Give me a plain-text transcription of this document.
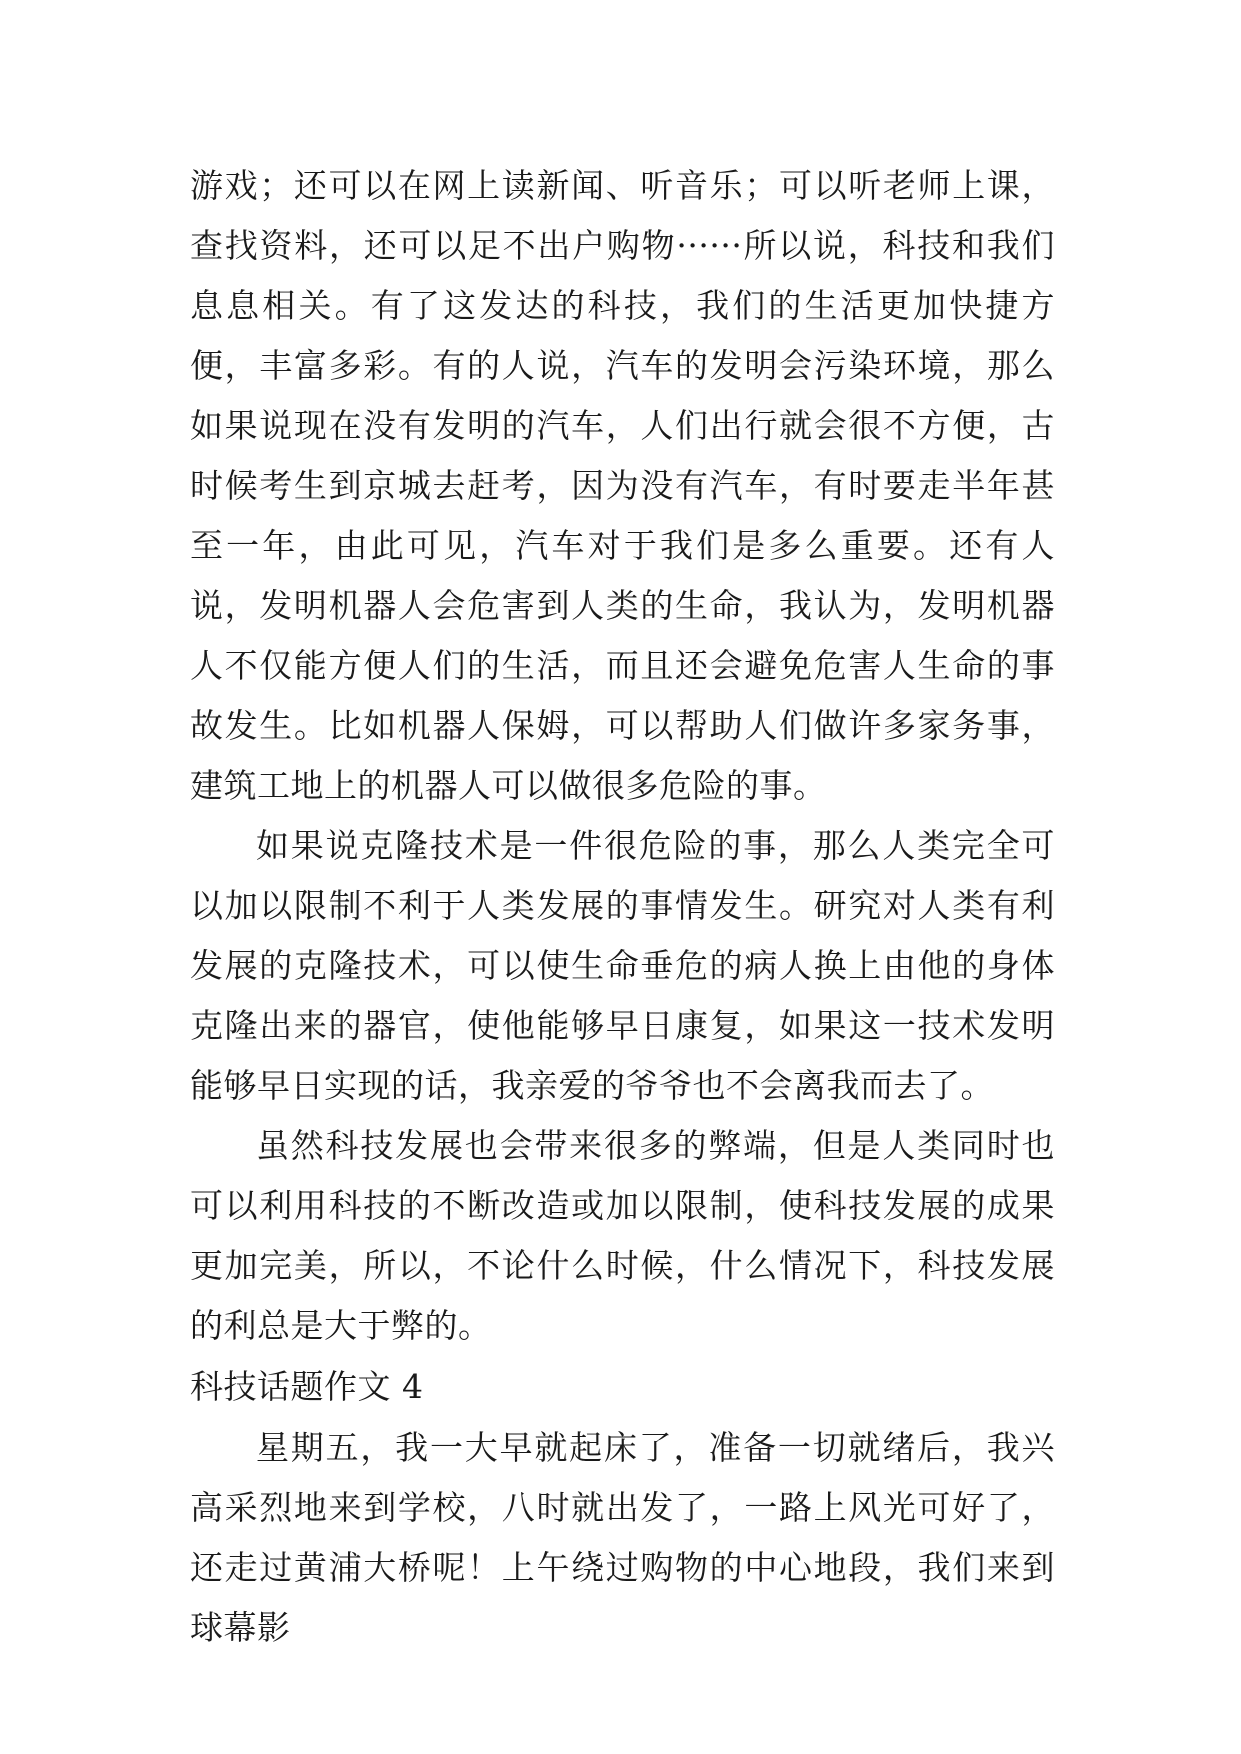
游戏；还可以在网上读新闻、听音乐；可以听老师上课，查找资料，还可以足不出户购物······所以说，科技和我们息息相关。有了这发达的科技，我们的生活更加快捷方便，丰富多彩。有的人说，汽车的发明会污染环境，那么如果说现在没有发明的汽车，人们出行就会很不方便，古时候考生到京城去赶考，因为没有汽车，有时要走半年甚至一年，由此可见，汽车对于我们是多么重要。还有人说，发明机器人会危害到人类的生命，我认为，发明机器人不仅能方便人们的生活，而且还会避免危害人生命的事故发生。比如机器人保姆，可以帮助人们做许多家务事，建筑工地上的机器人可以做很多危险的事。

如果说克隆技术是一件很危险的事，那么人类完全可以加以限制不利于人类发展的事情发生。研究对人类有利发展的克隆技术，可以使生命垂危的病人换上由他的身体克隆出来的器官，使他能够早日康复，如果这一技术发明能够早日实现的话，我亲爱的爷爷也不会离我而去了。

虽然科技发展也会带来很多的弊端，但是人类同时也可以利用科技的不断改造或加以限制，使科技发展的成果更加完美，所以，不论什么时候，什么情况下，科技发展的利总是大于弊的。

科技话题作文 4

星期五，我一大早就起床了，准备一切就绪后，我兴高采烈地来到学校，八时就出发了，一路上风光可好了，还走过黄浦大桥呢！上午绕过购物的中心地段，我们来到球幕影
